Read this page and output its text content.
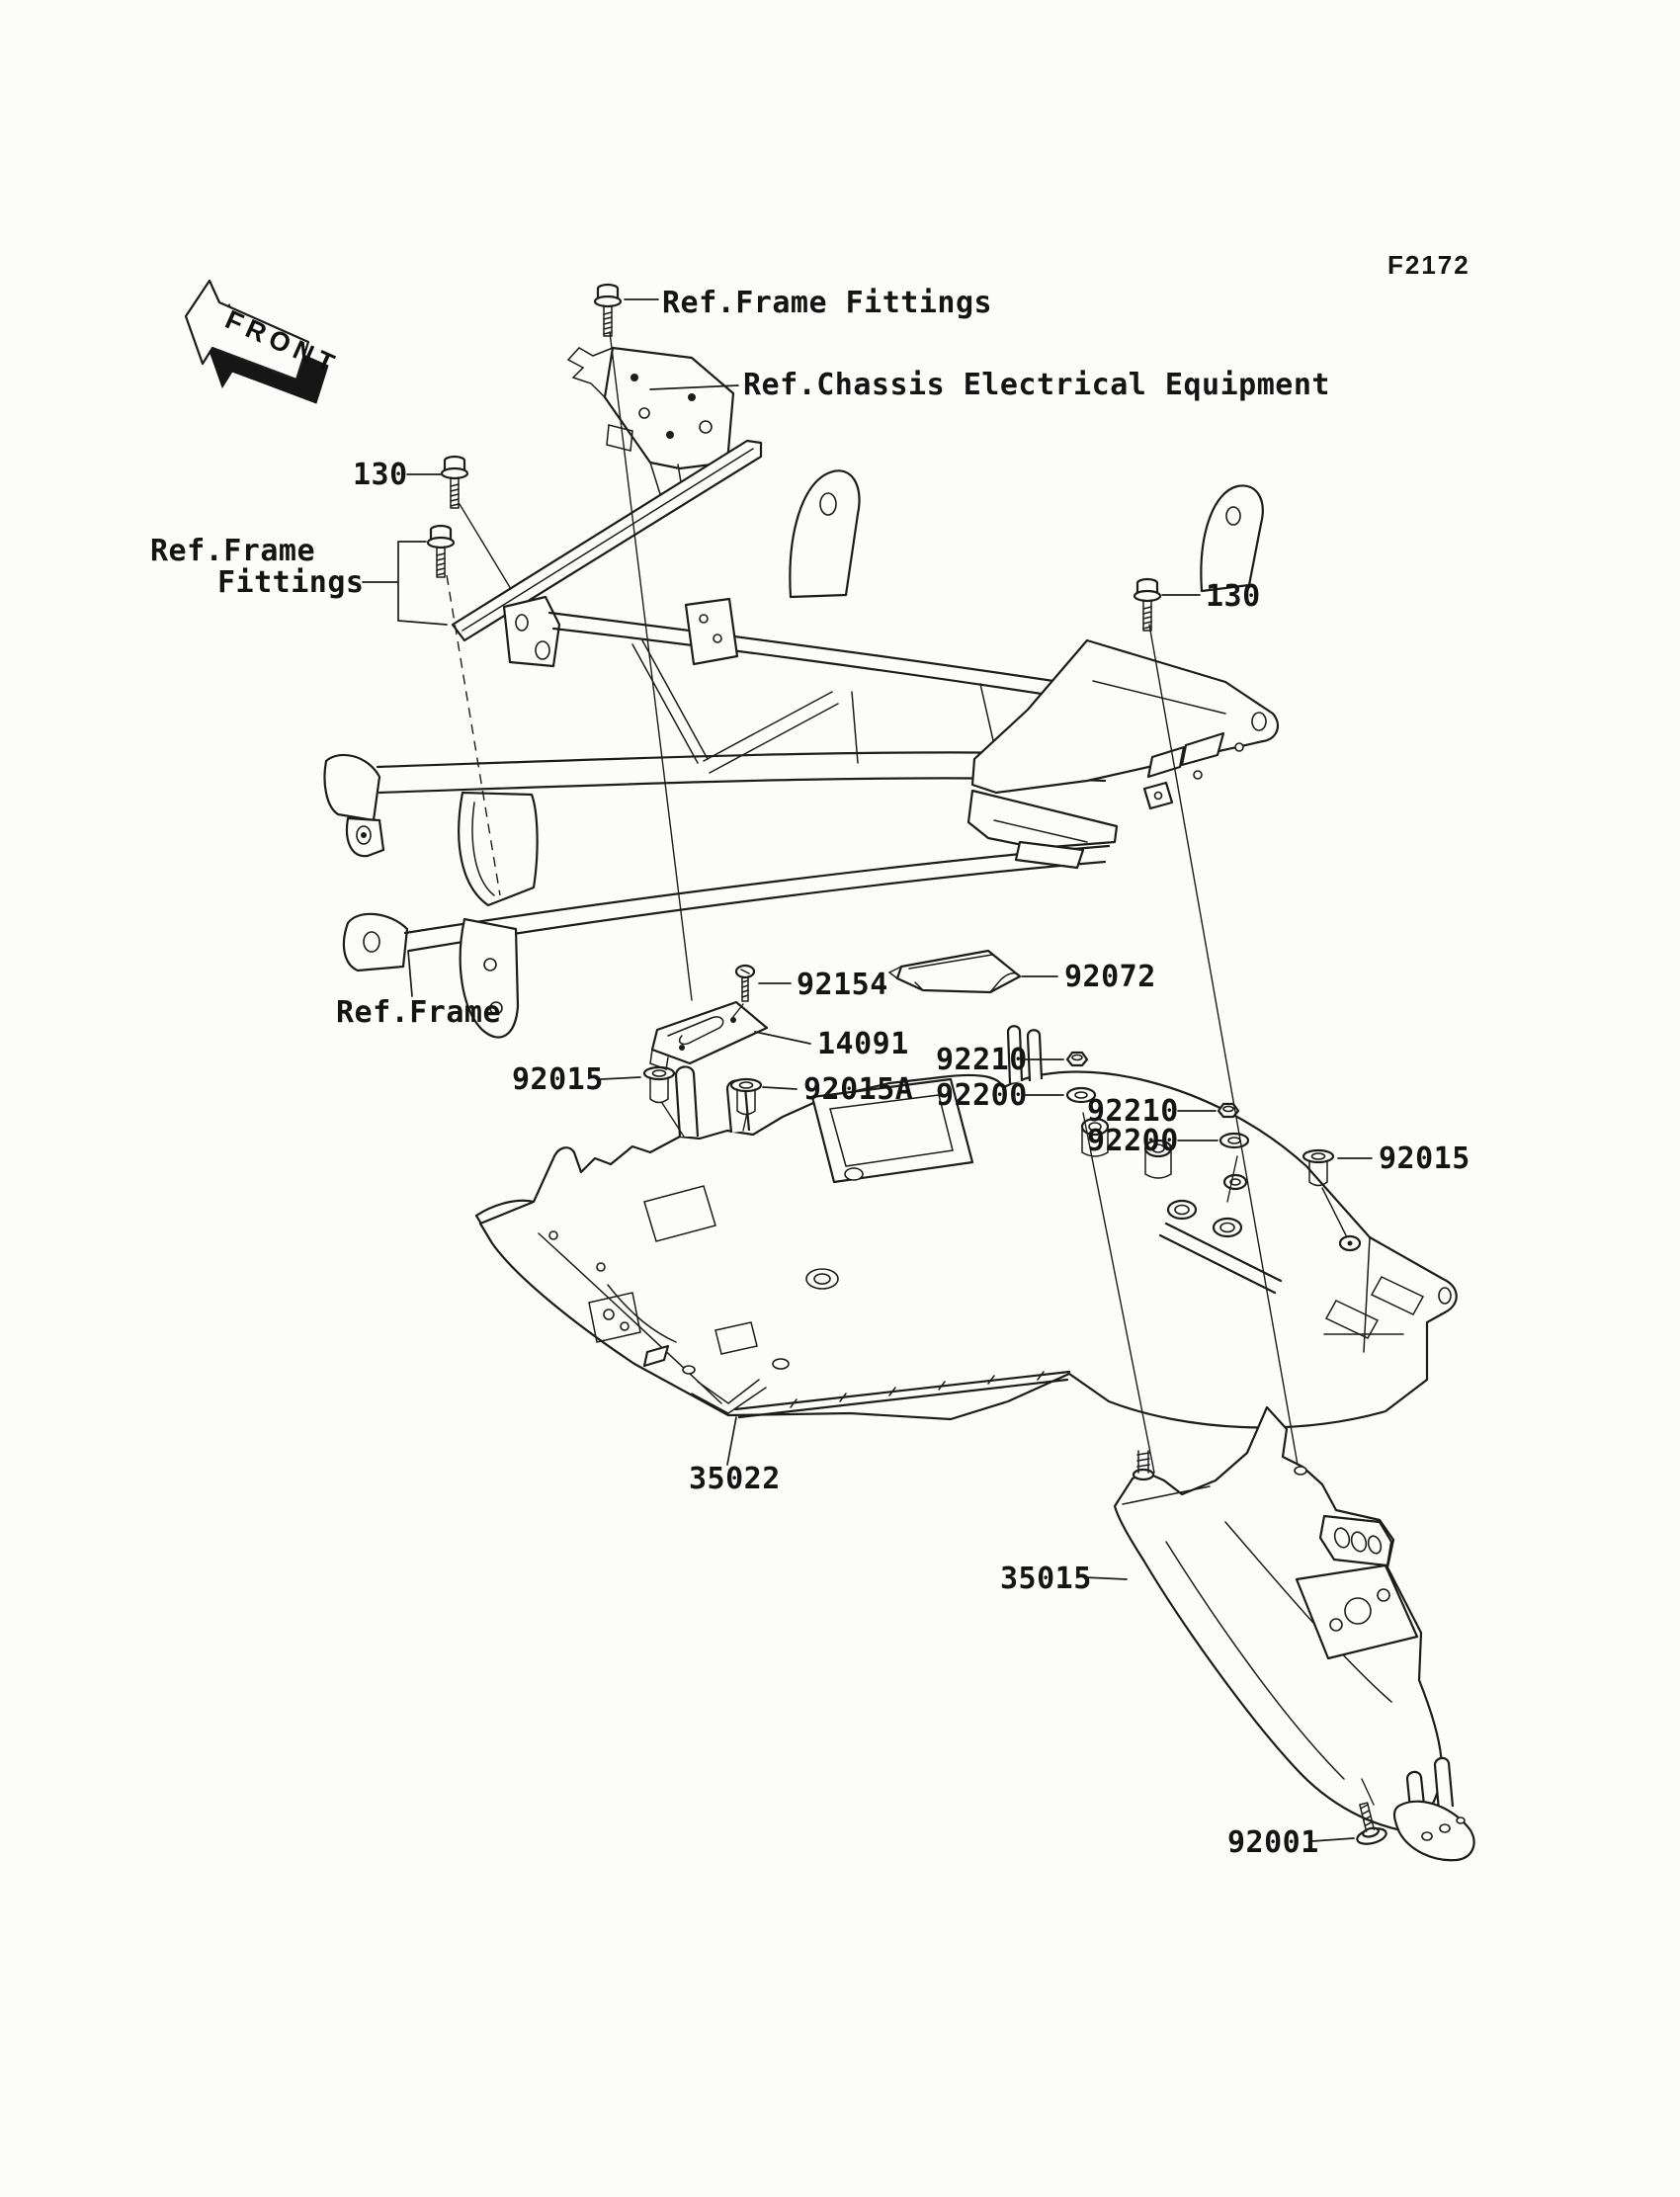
FRONT
F2172
Ref.Frame Fittings
Ref.Chassis Electrical Equipment
130
Ref.Frame
Fittings	130
Ref.Frame
92154	92072
14091
92015A
92015
92210
92200 92210
92200
92015
35022
35015
92001
